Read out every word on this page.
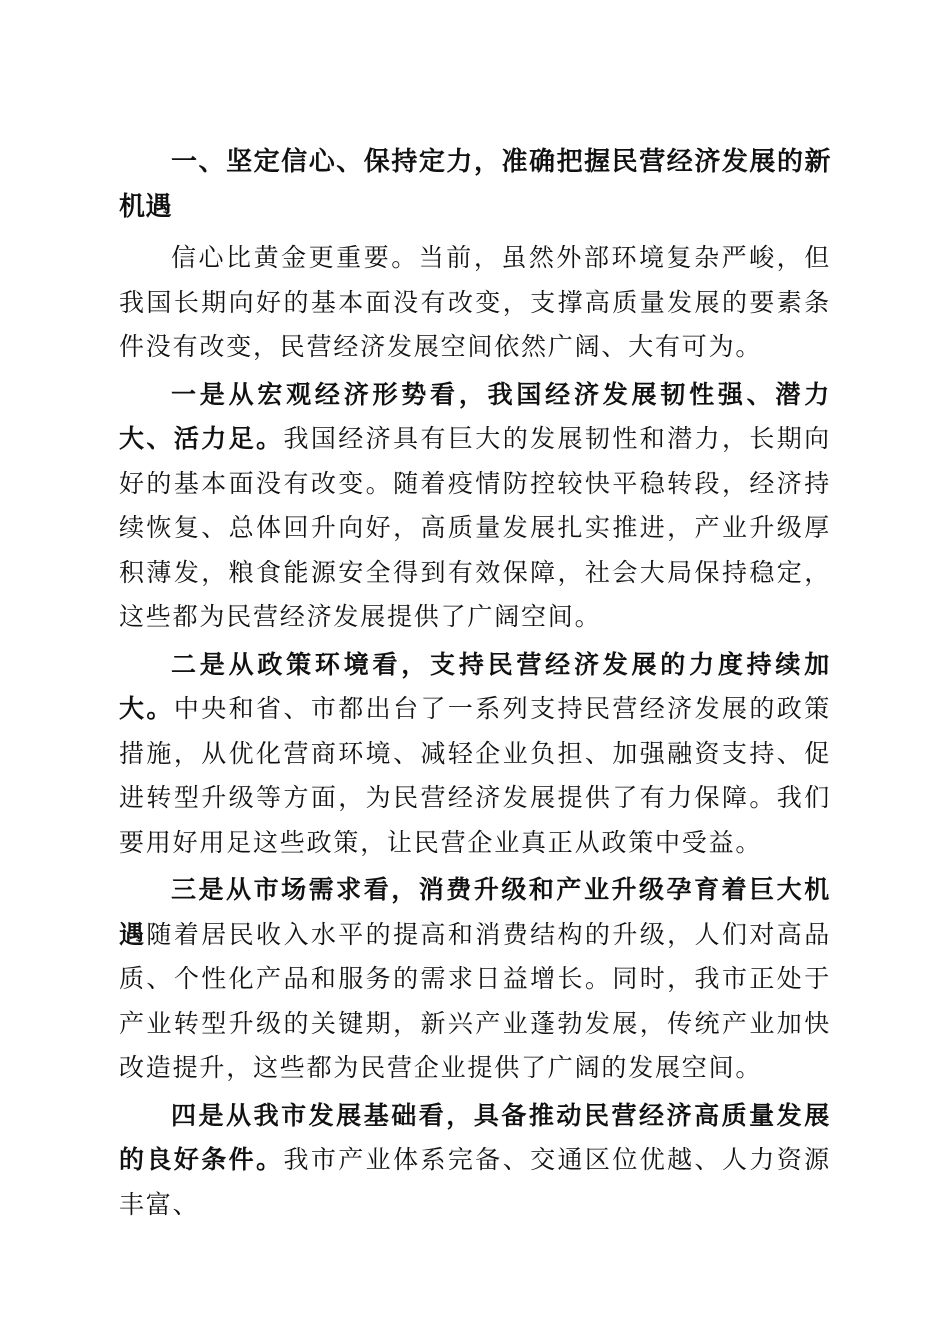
一、坚定信心、保持定力，准确把握民营经济发展的新机遇

信心比黄金更重要。当前，虽然外部环境复杂严峻，但我国长期向好的基本面没有改变，支撑高质量发展的要素条件没有改变，民营经济发展空间依然广阔、大有可为。

一是从宏观经济形势看，我国经济发展韧性强、潜力大、活力足。我国经济具有巨大的发展韧性和潜力，长期向好的基本面没有改变。随着疫情防控较快平稳转段，经济持续恢复、总体回升向好，高质量发展扎实推进，产业升级厚积薄发，粮食能源安全得到有效保障，社会大局保持稳定，这些都为民营经济发展提供了广阔空间。

二是从政策环境看，支持民营经济发展的力度持续加大。中央和省、市都出台了一系列支持民营经济发展的政策措施，从优化营商环境、减轻企业负担、加强融资支持、促进转型升级等方面，为民营经济发展提供了有力保障。我们要用好用足这些政策，让民营企业真正从政策中受益。

三是从市场需求看，消费升级和产业升级孕育着巨大机遇随着居民收入水平的提高和消费结构的升级，人们对高品质、个性化产品和服务的需求日益增长。同时，我市正处于产业转型升级的关键期，新兴产业蓬勃发展，传统产业加快改造提升，这些都为民营企业提供了广阔的发展空间。

四是从我市发展基础看，具备推动民营经济高质量发展的良好条件。我市产业体系完备、交通区位优越、人力资源丰富、
